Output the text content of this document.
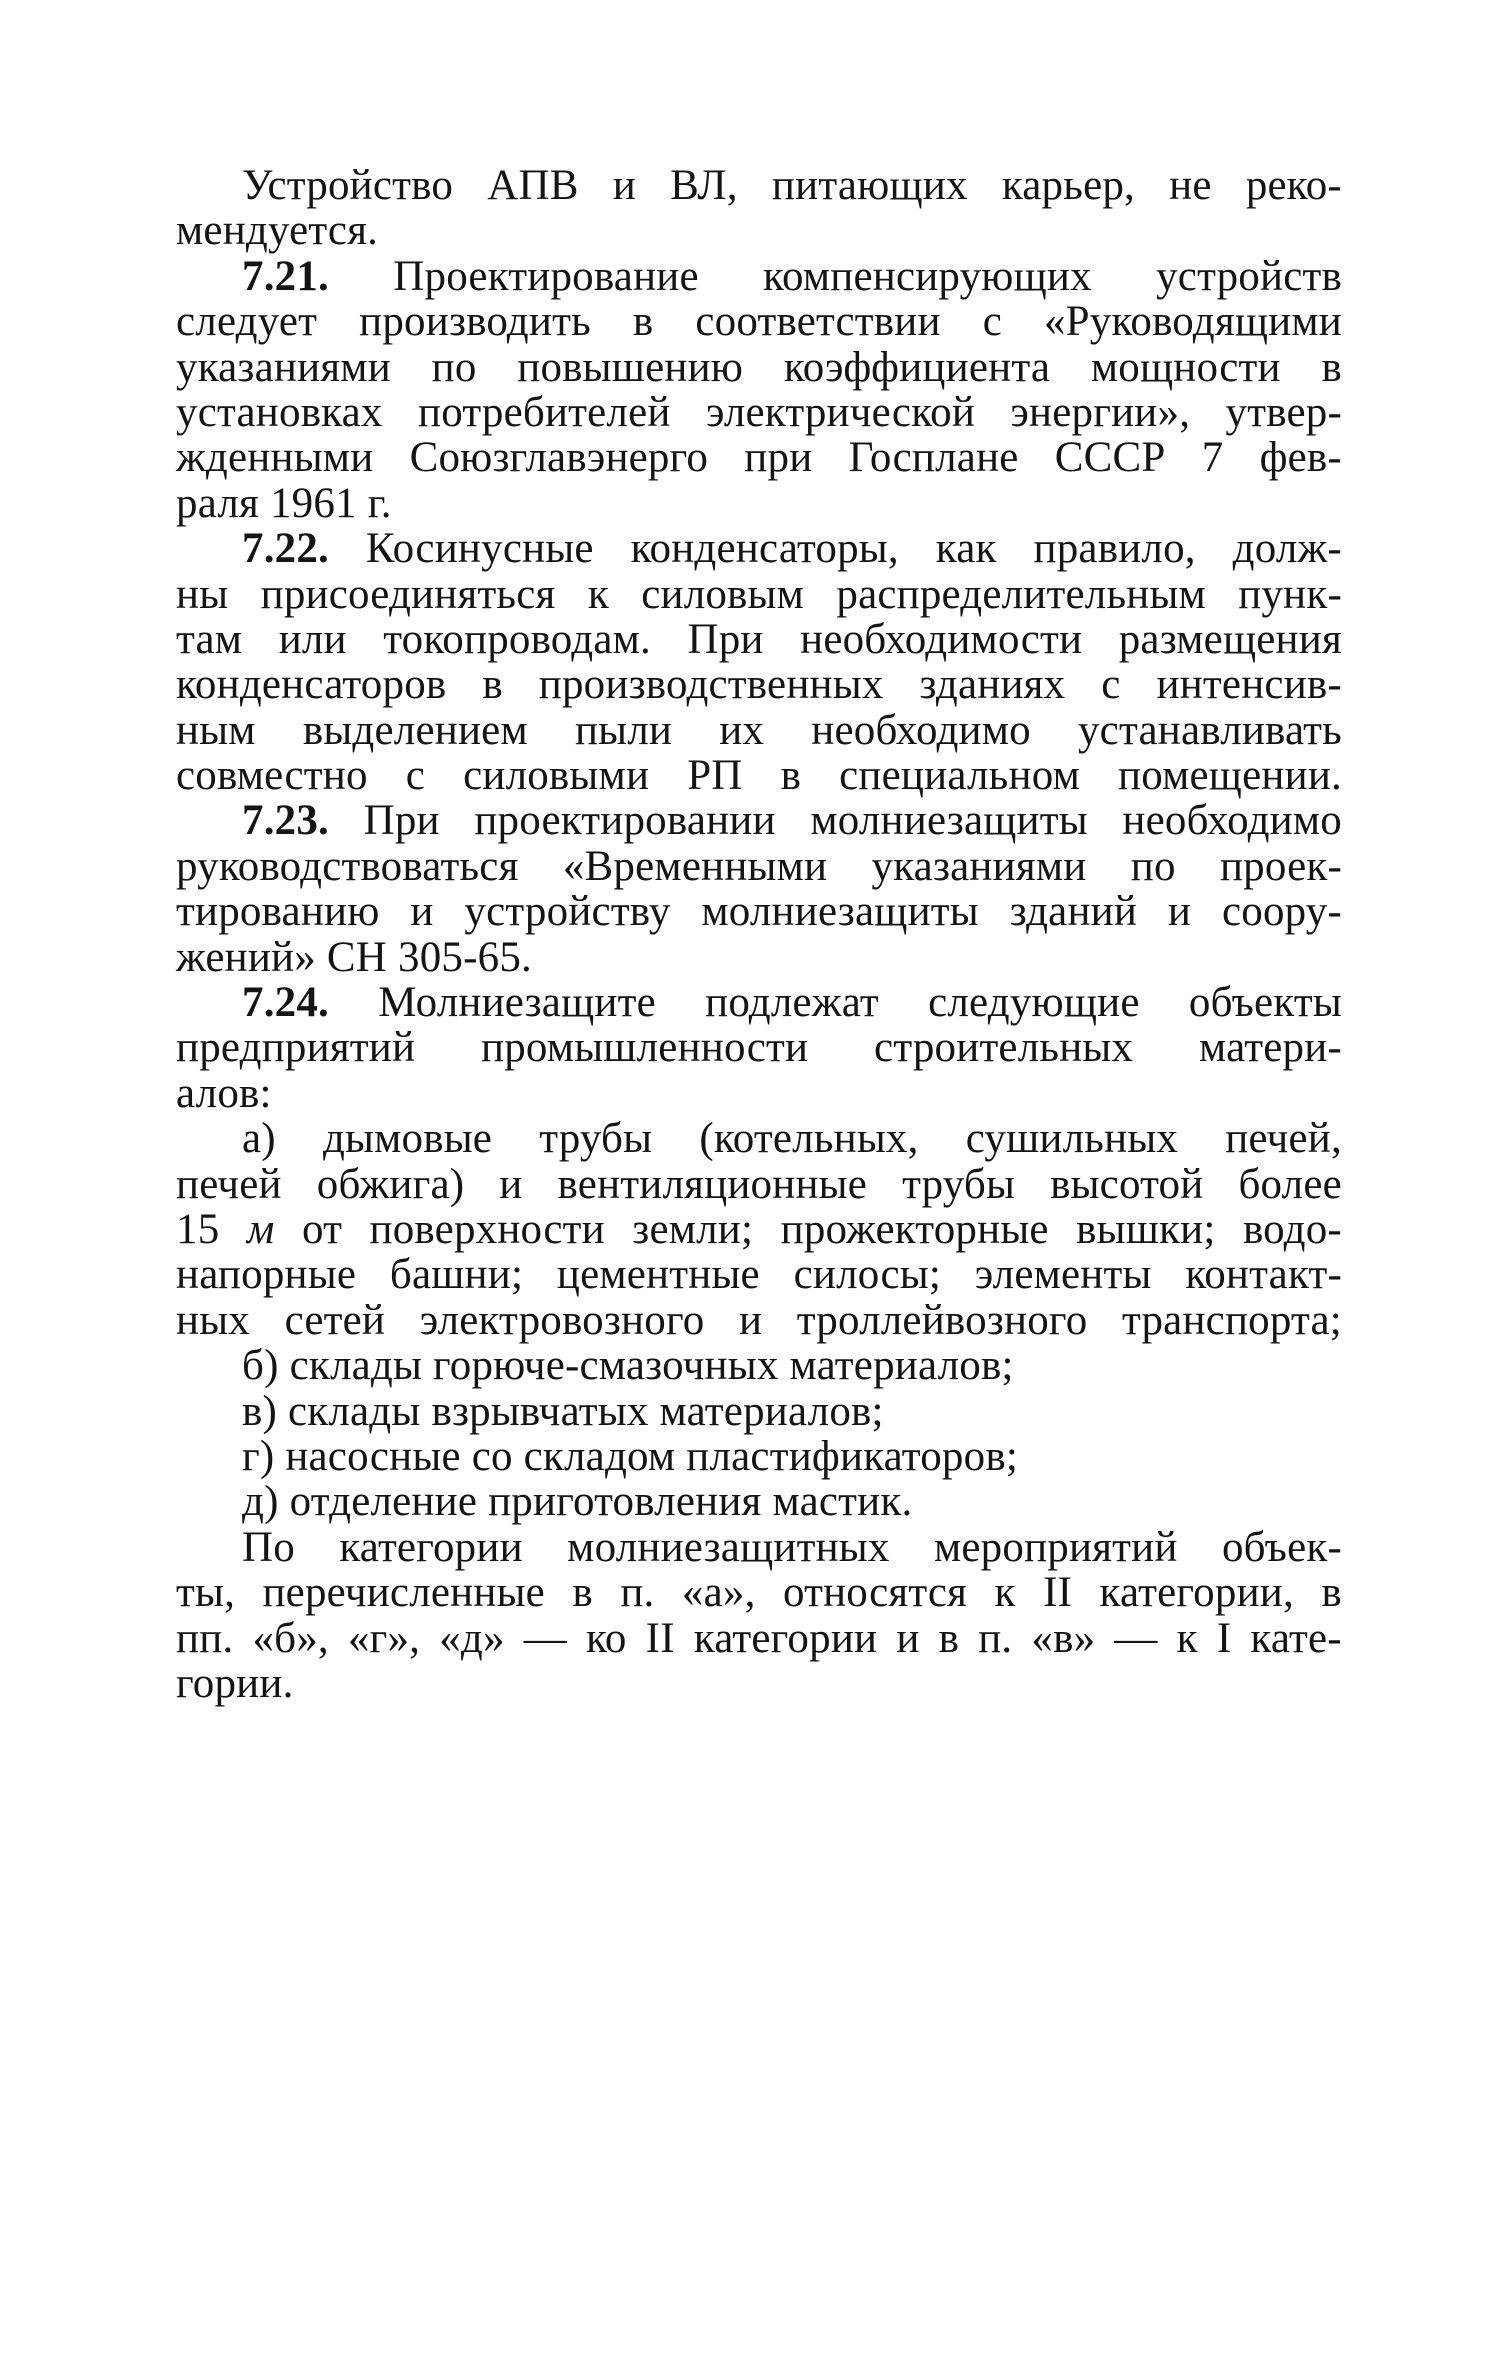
Устройство АПВ и ВЛ, питающих карьер, не реко-
мендуется.
7.21. Проектирование компенсирующих устройств
следует производить в соответствии с «Руководящими
указаниями по повышению коэффициента мощности в
установках потребителей электрической энергии», утвер-
жденными Союзглавэнерго при Госплане СССР 7 фев-
раля 1961 г.
7.22. Косинусные конденсаторы, как правило, долж-
ны присоединяться к силовым распределительным пунк-
там или токопроводам. При необходимости размещения
конденсаторов в производственных зданиях с интенсив-
ным выделением пыли их необходимо устанавливать
совместно с силовыми РП в специальном помещении.
7.23. При проектировании молниезащиты необходимо
руководствоваться «Временными указаниями по проек-
тированию и устройству молниезащиты зданий и соору-
жений» СН 305-65.
7.24. Молниезащите подлежат следующие объекты
предприятий промышленности строительных матери-
алов:
а) дымовые трубы (котельных, сушильных печей,
печей обжига) и вентиляционные трубы высотой более
15 м от поверхности земли; прожекторные вышки; водо-
напорные башни; цементные силосы; элементы контакт-
ных сетей электровозного и троллейвозного транспорта;
б) склады горюче-смазочных материалов;
в) склады взрывчатых материалов;
г) насосные со складом пластификаторов;
д) отделение приготовления мастик.
По категории молниезащитных мероприятий объек-
ты, перечисленные в п. «а», относятся к II категории, в
пп. «б», «г», «д» — ко II категории и в п. «в» — к I кате-
гории.
